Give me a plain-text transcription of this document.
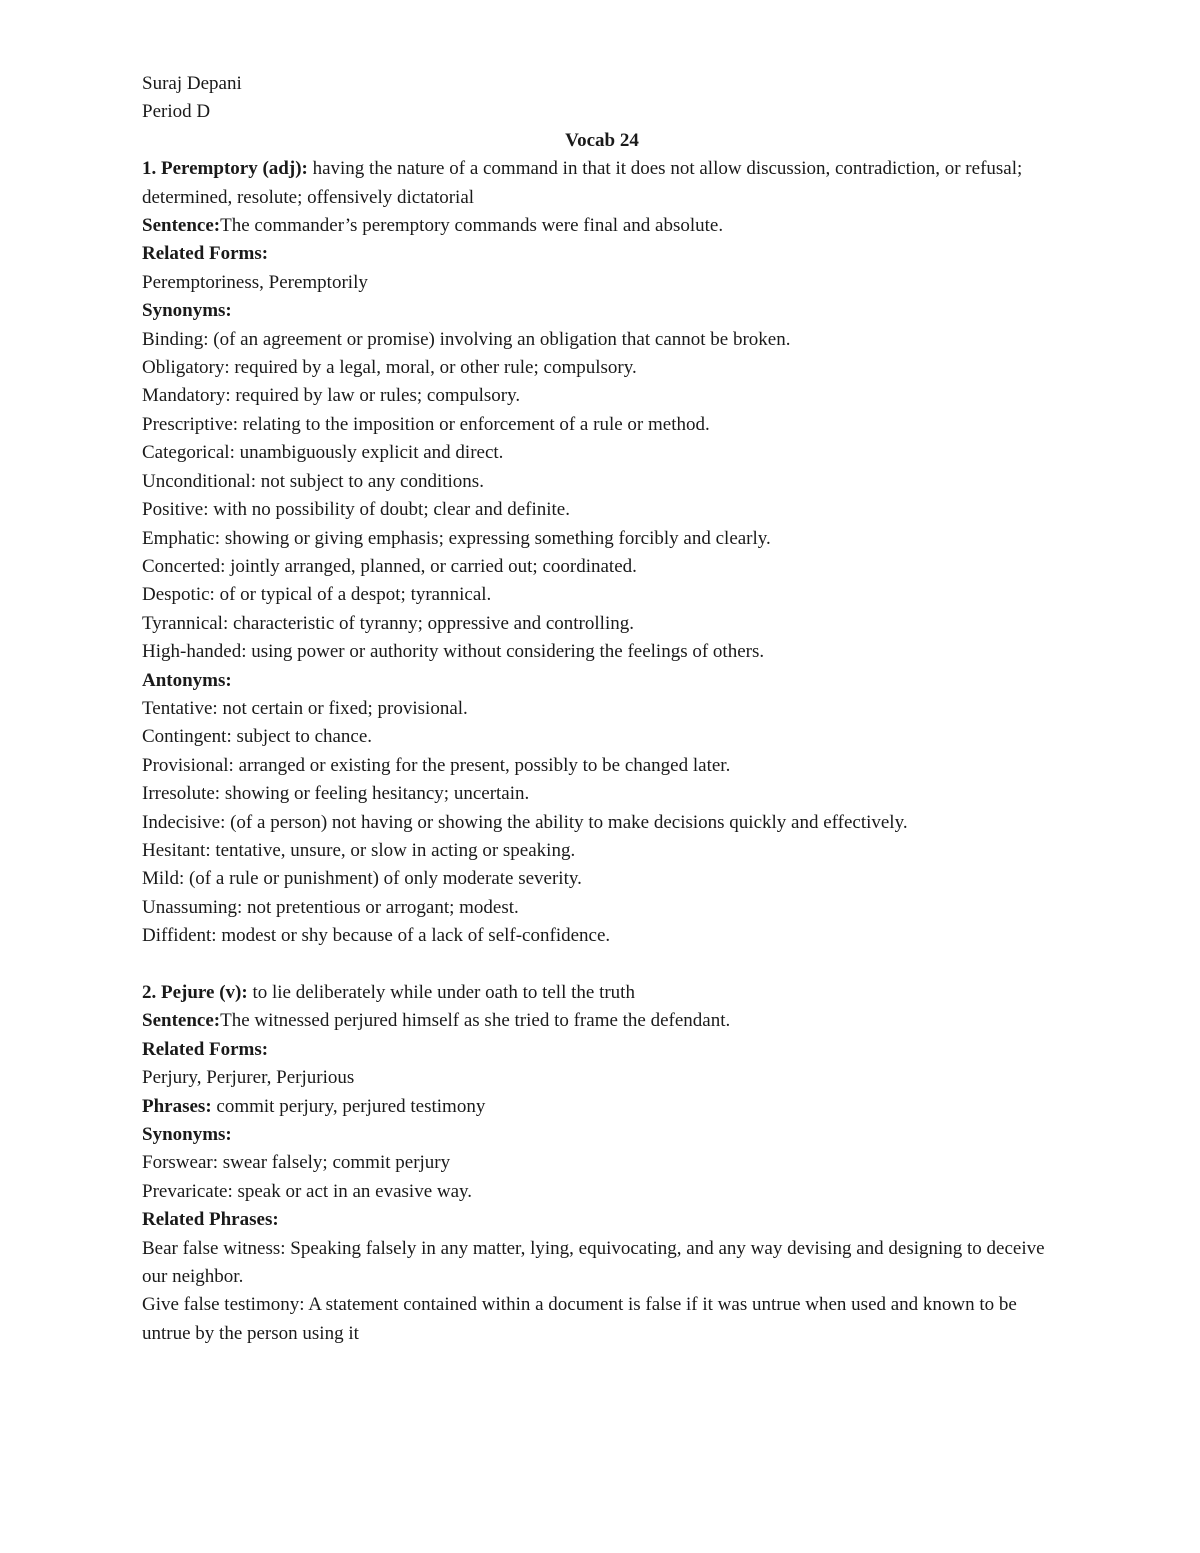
Suraj Depani

Period D

Vocab 24

1. Peremptory (adj): having the nature of a command in that it does not allow discussion, contradiction, or refusal; determined, resolute; offensively dictatorial

Sentence:The commander’s peremptory commands were final and absolute.

Related Forms:

Peremptoriness, Peremptorily

Synonyms:

Binding: (of an agreement or promise) involving an obligation that cannot be broken.

Obligatory: required by a legal, moral, or other rule; compulsory.

Mandatory: required by law or rules; compulsory.

Prescriptive: relating to the imposition or enforcement of a rule or method.

Categorical: unambiguously explicit and direct.

Unconditional: not subject to any conditions.

Positive: with no possibility of doubt; clear and definite.

Emphatic: showing or giving emphasis; expressing something forcibly and clearly.

Concerted: jointly arranged, planned, or carried out; coordinated.

Despotic: of or typical of a despot; tyrannical.

Tyrannical: characteristic of tyranny; oppressive and controlling.

High-handed: using power or authority without considering the feelings of others.

Antonyms:

Tentative: not certain or fixed; provisional.

Contingent: subject to chance.

Provisional: arranged or existing for the present, possibly to be changed later.

Irresolute: showing or feeling hesitancy; uncertain.

Indecisive: (of a person) not having or showing the ability to make decisions quickly and effectively.

Hesitant: tentative, unsure, or slow in acting or speaking.

Mild: (of a rule or punishment) of only moderate severity.

Unassuming: not pretentious or arrogant; modest.

Diffident: modest or shy because of a lack of self-confidence.

2. Pejure (v): to lie deliberately while under oath to tell the truth

Sentence:The witnessed perjured himself as she tried to frame the defendant.

Related Forms:

Perjury, Perjurer, Perjurious

Phrases: commit perjury, perjured testimony

Synonyms:

Forswear: swear falsely; commit perjury

Prevaricate: speak or act in an evasive way.

Related Phrases:

Bear false witness: Speaking falsely in any matter, lying, equivocating, and any way devising and designing to deceive our neighbor.

Give false testimony: A statement contained within a document is false if it was untrue when used and known to be untrue by the person using it
